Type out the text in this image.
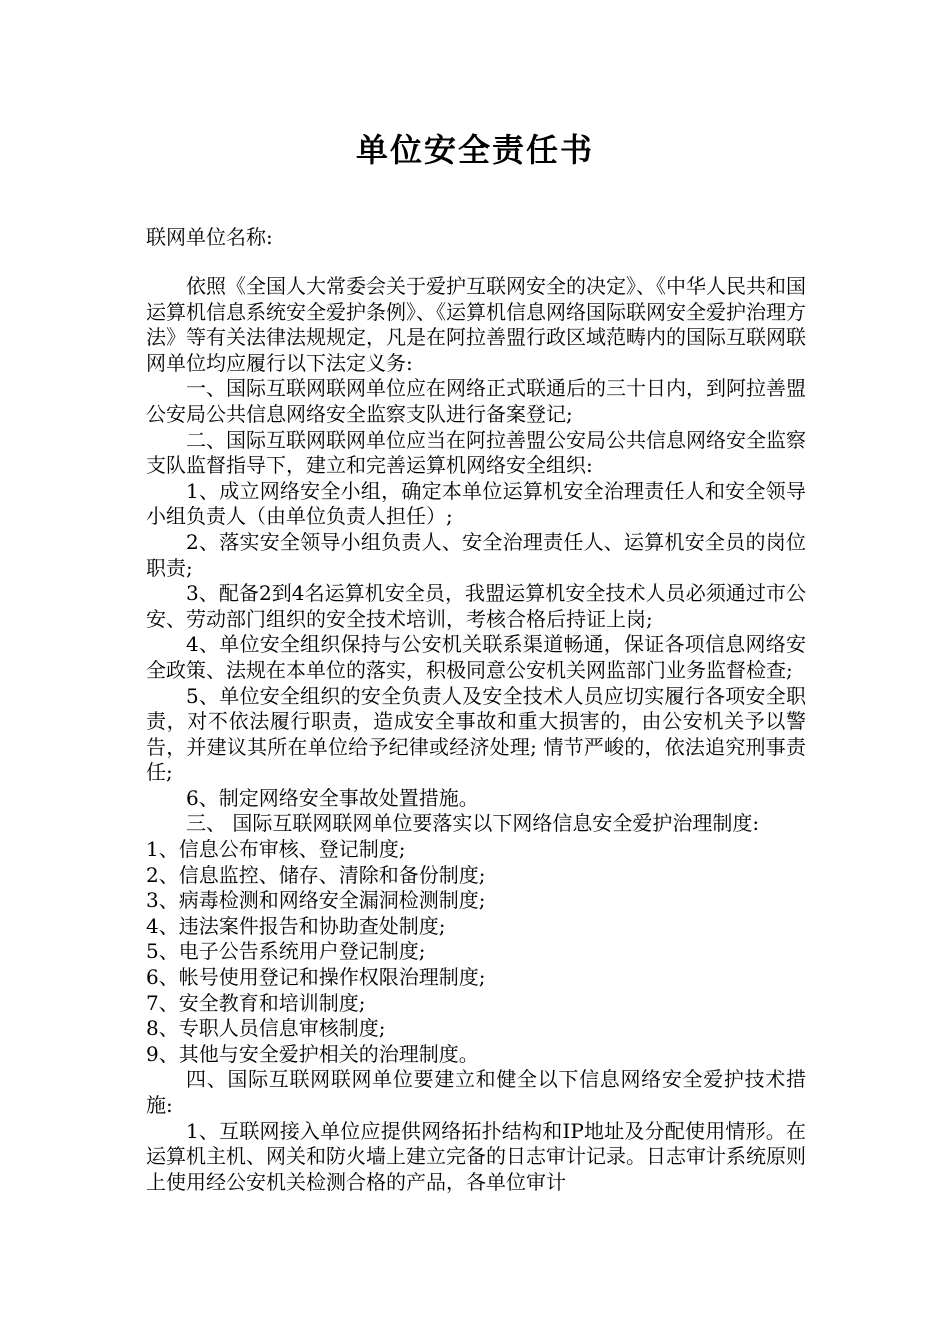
单位安全责任书
联网单位名称:

依照《全国人大常委会关于爱护互联网安全的决定》、《中华人民共和国运算机信息系统安全爱护条例》、《运算机信息网络国际联网安全爱护治理方法》等有关法律法规规定，凡是在阿拉善盟行政区域范畴内的国际互联网联网单位均应履行以下法定义务:

一、国际互联网联网单位应在网络正式联通后的三十日内，到阿拉善盟公安局公共信息网络安全监察支队进行备案登记;

二、国际互联网联网单位应当在阿拉善盟公安局公共信息网络安全监察支队监督指导下，建立和完善运算机网络安全组织:

1、成立网络安全小组，确定本单位运算机安全治理责任人和安全领导小组负责人（由单位负责人担任）;

2、落实安全领导小组负责人、安全治理责任人、运算机安全员的岗位职责;

3、配备2到4名运算机安全员，我盟运算机安全技术人员必须通过市公安、劳动部门组织的安全技术培训，考核合格后持证上岗;

4、单位安全组织保持与公安机关联系渠道畅通，保证各项信息网络安全政策、法规在本单位的落实，积极同意公安机关网监部门业务监督检查;

5、单位安全组织的安全负责人及安全技术人员应切实履行各项安全职责，对不依法履行职责，造成安全事故和重大损害的，由公安机关予以警告，并建议其所在单位给予纪律或经济处理; 情节严峻的，依法追究刑事责任;

6、制定网络安全事故处置措施。

三、 国际互联网联网单位要落实以下网络信息安全爱护治理制度:

1、信息公布审核、登记制度;

2、信息监控、储存、清除和备份制度;

3、病毒检测和网络安全漏洞检测制度;

4、违法案件报告和协助查处制度;

5、电子公告系统用户登记制度;

6、帐号使用登记和操作权限治理制度;

7、安全教育和培训制度;

8、专职人员信息审核制度;

9、其他与安全爱护相关的治理制度。

四、国际互联网联网单位要建立和健全以下信息网络安全爱护技术措施:

1、互联网接入单位应提供网络拓扑结构和IP地址及分配使用情形。在运算机主机、网关和防火墙上建立完备的日志审计记录。日志审计系统原则上使用经公安机关检测合格的产品，各单位审计
